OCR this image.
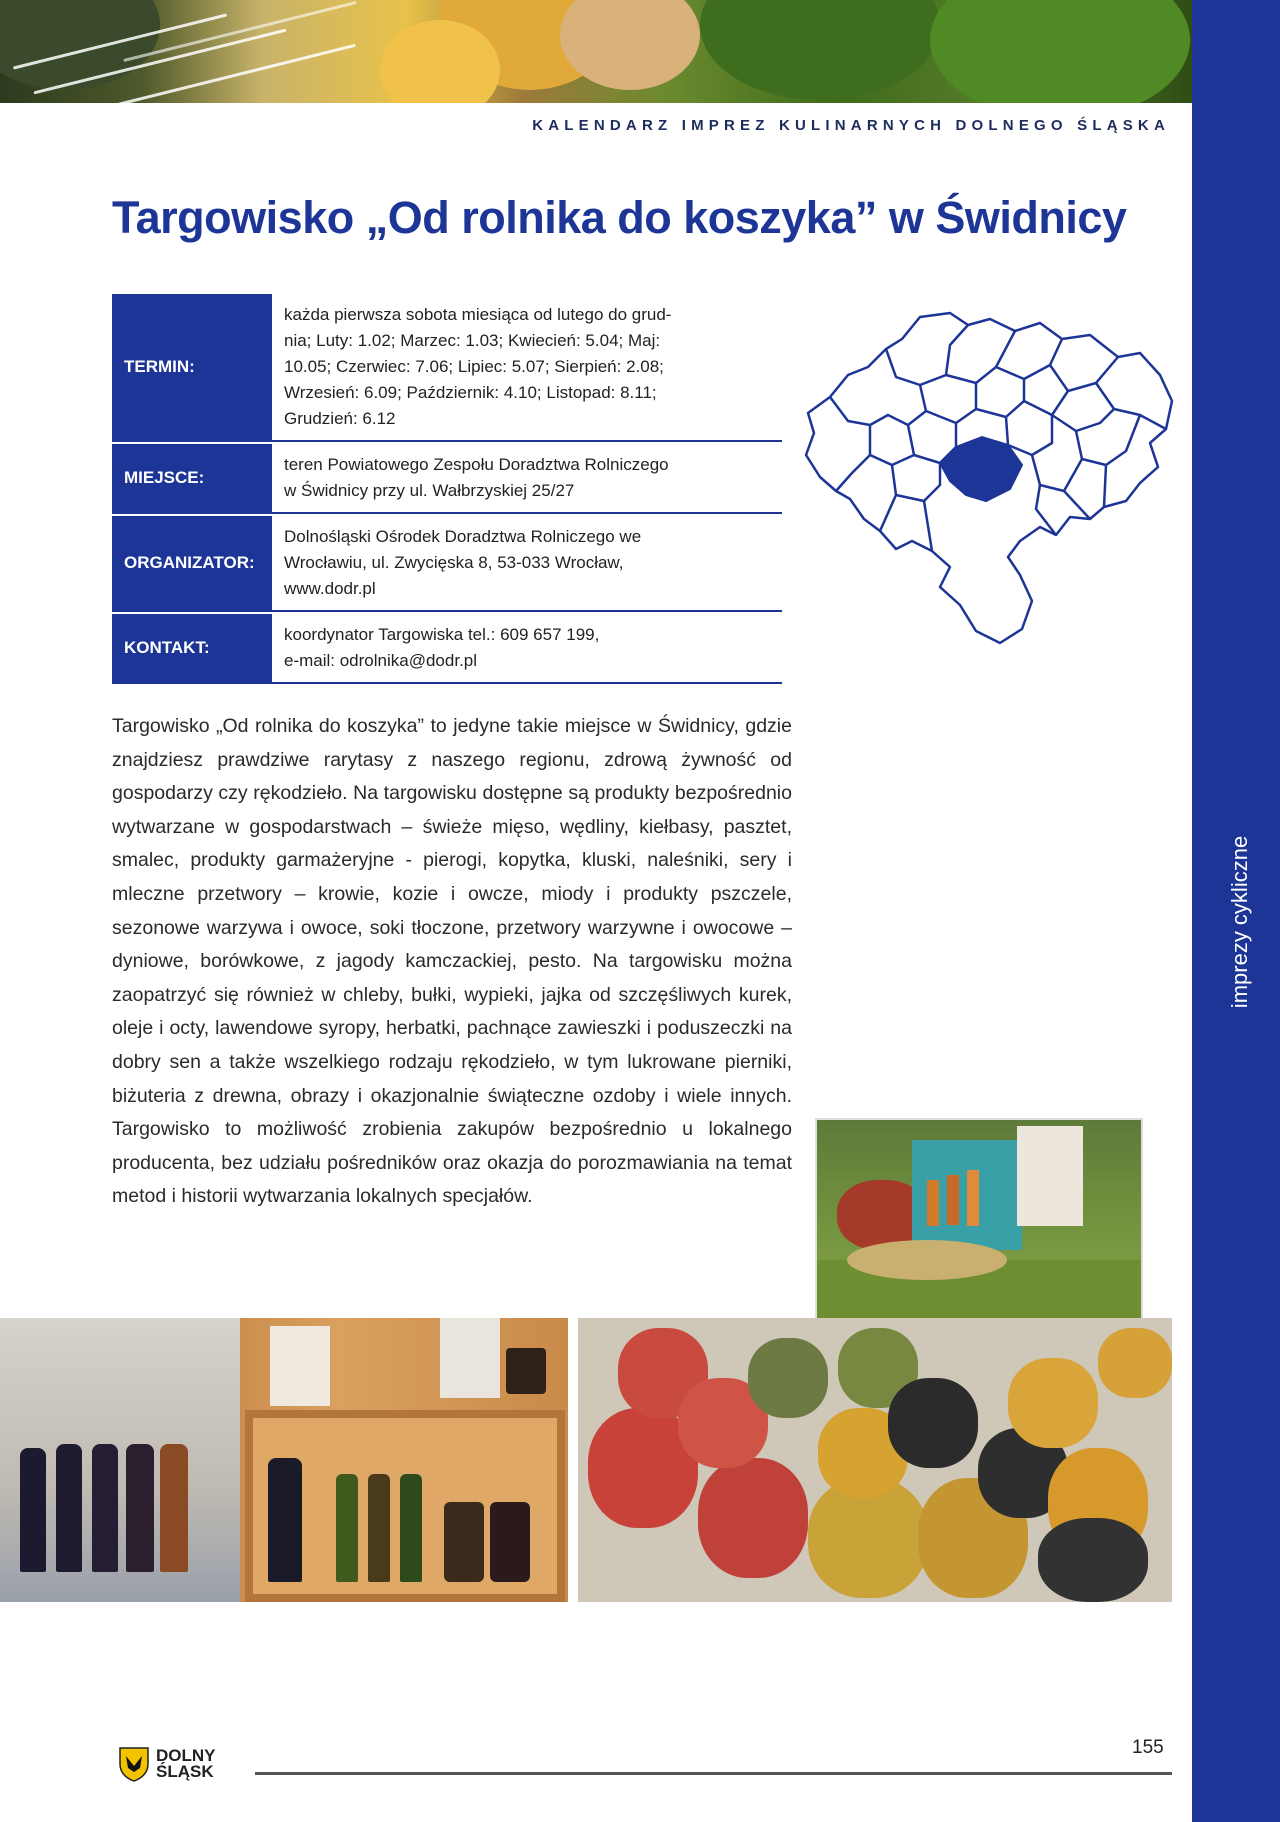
imprezy cykliczne
KALENDARZ IMPREZ KULINARNYCH DOLNEGO ŚLĄSKA
Targowisko „Od rolnika do koszyka” w Świdnicy
TERMIN:
każda pierwsza sobota miesiąca od lutego do grud-
nia; Luty: 1.02; Marzec: 1.03; Kwiecień: 5.04; Maj:
10.05; Czerwiec: 7.06; Lipiec: 5.07; Sierpień: 2.08;
Wrzesień: 6.09; Październik: 4.10; Listopad: 8.11;
Grudzień: 6.12
MIEJSCE:
teren Powiatowego Zespołu Doradztwa Rolniczego
w Świdnicy przy ul. Wałbrzyskiej 25/27
ORGANIZATOR:
Dolnośląski Ośrodek Doradztwa Rolniczego we
Wrocławiu, ul. Zwycięska 8, 53-033 Wrocław,
www.dodr.pl
KONTAKT:
koordynator Targowiska tel.: 609 657 199,
e-mail: odrolnika@dodr.pl
Targowisko „Od rolnika do koszyka” to jedyne takie miejsce w Świdnicy, gdzie znajdziesz prawdziwe rarytasy z naszego regionu, zdrową żywność od gospodarzy czy rękodzieło. Na targowisku dostępne są produkty bezpośrednio wytwarzane w gospodarstwach – świeże mięso, wędliny, kiełbasy, pasztet, smalec, produkty garmażeryjne - pierogi, kopytka, kluski, naleśniki, sery i mleczne przetwory – krowie, kozie i owcze, miody i produkty pszczele, sezonowe warzywa i owoce, soki tłoczone, przetwory warzywne i owocowe – dyniowe, borówkowe, z jagody kamczackiej, pesto. Na targowisku można zaopatrzyć się również w chleby, bułki, wypieki, jajka od szczęśliwych kurek, oleje i octy, lawendowe syropy, herbatki, pachnące zawieszki i poduszeczki na dobry sen a także wszelkiego rodzaju rękodzieło, w tym lukrowane pierniki, biżuteria z drewna, obrazy i okazjonalnie świąteczne ozdoby i wiele innych. Targowisko to możliwość zrobienia zakupów bezpośrednio u lokalnego producenta, bez udziału pośredników oraz okazja do porozmawiania na temat metod i historii wytwarzania lokalnych specjałów.
DOLNY
ŚLĄSK
155
